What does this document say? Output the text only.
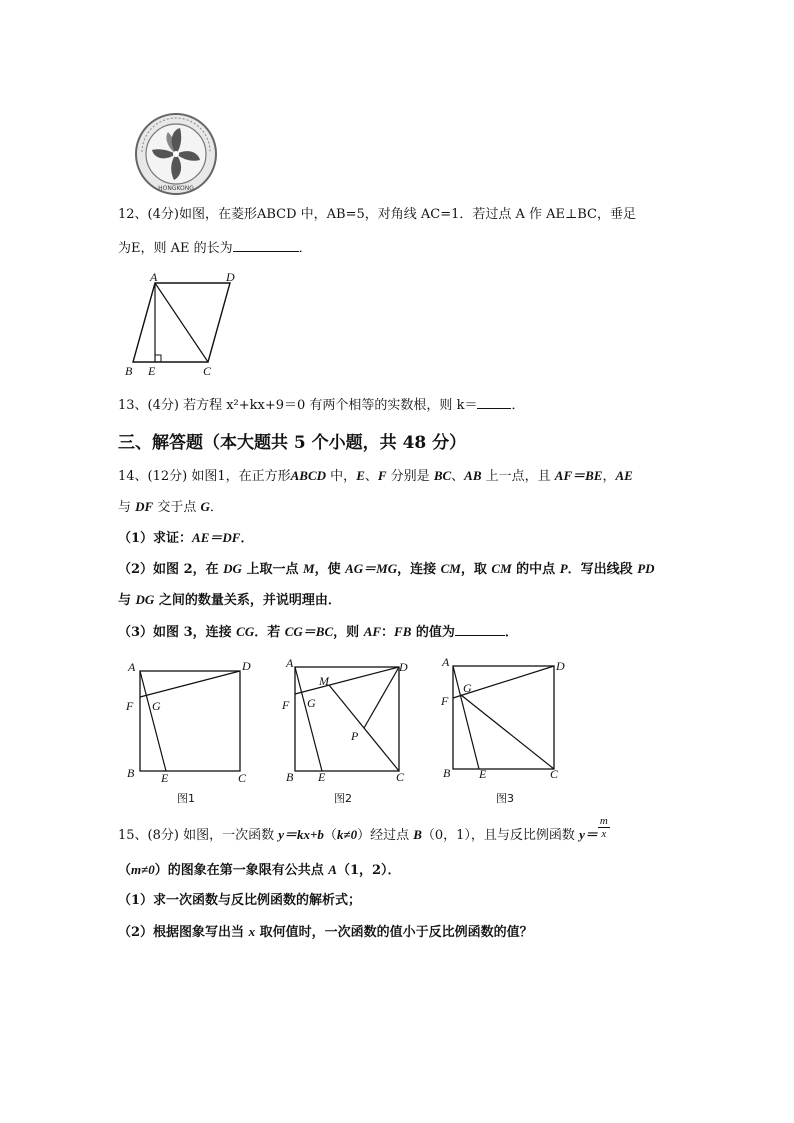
HONGKONG
12、(4分)如图，在菱形ABCD 中，AB=5，对角线 AC=1．若过点 A 作 AE⊥BC，垂足
为E，则 AE 的长为	．
A	D
B E	C
13、(4分) 若方程 x²+kx+9＝0 有两个相等的实数根，则 k＝	．
三、解答题（本大题共 5 个小题，共 48 分）
14、(12分) 如图1，在正方形ABCD 中，E、F 分别是 BC、AB 上一点，且 AF＝BE，AE
与 DF 交于点 G．
（1）求证：AE＝DF．
（2）如图 2，在 DG 上取一点 M，使 AG＝MG，连接 CM，取 CM 的中点 P．写出线段 PD
与 DG 之间的数量关系，并说明理由．
（3）如图 3，连接 CG．若 CG＝BC，则 AF：FB 的值为	．
A	D
F G
B E	C
图1
A	D
M
F G
P
B E	C
图2
A	D
G
F
B E	C
图3
15、(8分) 如图，一次函数 y＝kx+b（k≠0）经过点 B（0，1），且与反比例函数 $y= \frac{m}{x}$
（m≠0）的图象在第一象限有公共点 A（1，2）．
（1）求一次函数与反比例函数的解析式；
（2）根据图象写出当 x 取何值时，一次函数的值小于反比例函数的值？
